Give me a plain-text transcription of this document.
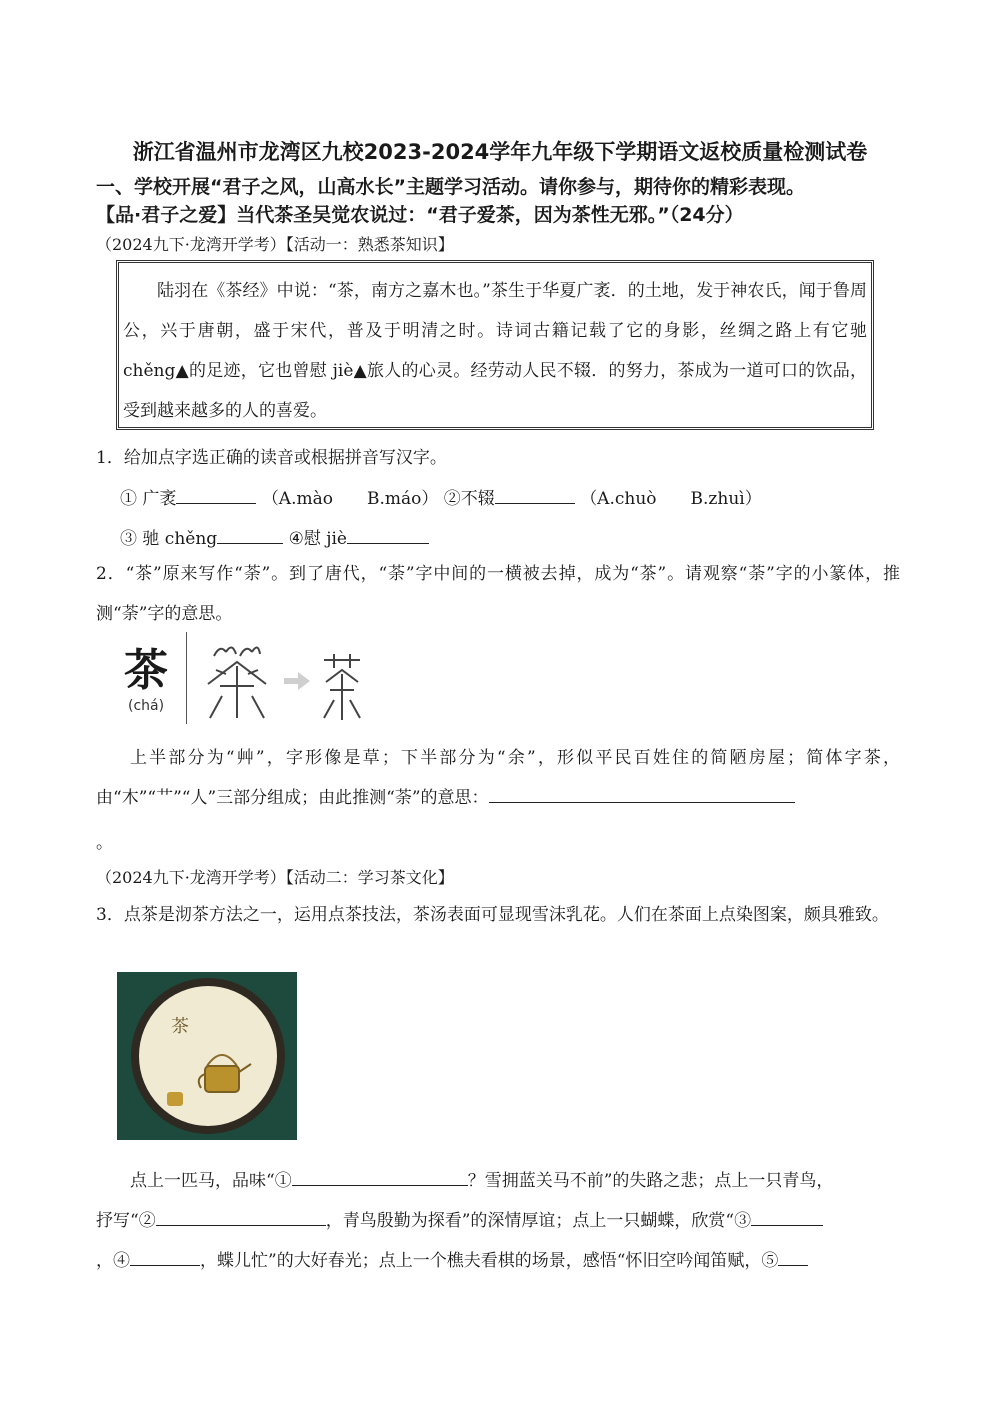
浙江省温州市龙湾区九校2023-2024学年九年级下学期语文返校质量检测试卷
一、学校开展“君子之风，山高水长”主题学习活动。请你参与，期待你的精彩表现。
【品·君子之爱】当代茶圣吴觉农说过：“君子爱茶，因为茶性无邪。”（24分）
（2024九下·龙湾开学考）【活动一：熟悉茶知识】

陆羽在《茶经》中说：“茶，南方之嘉木也。”茶生于华夏广袤．的土地，发于神农氏，闻于鲁周公，兴于唐朝，盛于宋代，普及于明清之时。诗词古籍记载了它的身影，丝绸之路上有它驰 chěng▲的足迹，它也曾慰 jiè▲旅人的心灵。经劳动人民不辍．的努力，茶成为一道可口的饮品，受到越来越多的人的喜爱。

1．给加点字选正确的读音或根据拼音写汉字。
① 广袤	（A.mào　　B.máo） ②不辍	（A.chuò　　B.zhuì）
③ 驰 chěng	④慰 jiè
2．“茶”原来写作“荼”。到了唐代，“荼”字中间的一横被去掉，成为“茶”。请观察“荼”字的小篆体，推测“荼”字的意思。
茶
(chá)
上半部分为“艸”，字形像是草；下半部分为“余”，形似平民百姓住的简陋房屋；简体字茶，由“木”“艹”“人”三部分组成；由此推测“荼”的意思：
。
（2024九下·龙湾开学考）【活动二：学习茶文化】
3．点茶是沏茶方法之一，运用点茶技法，茶汤表面可显现雪沫乳花。人们在茶面上点染图案，颇具雅致。
茶
点上一匹马，品味“①	？雪拥蓝关马不前”的失路之悲；点上一只青鸟，
抒写“②	，青鸟殷勤为探看”的深情厚谊；点上一只蝴蝶，欣赏“③
，④	，蝶儿忙”的大好春光；点上一个樵夫看棋的场景，感悟“怀旧空吟闻笛赋，⑤
